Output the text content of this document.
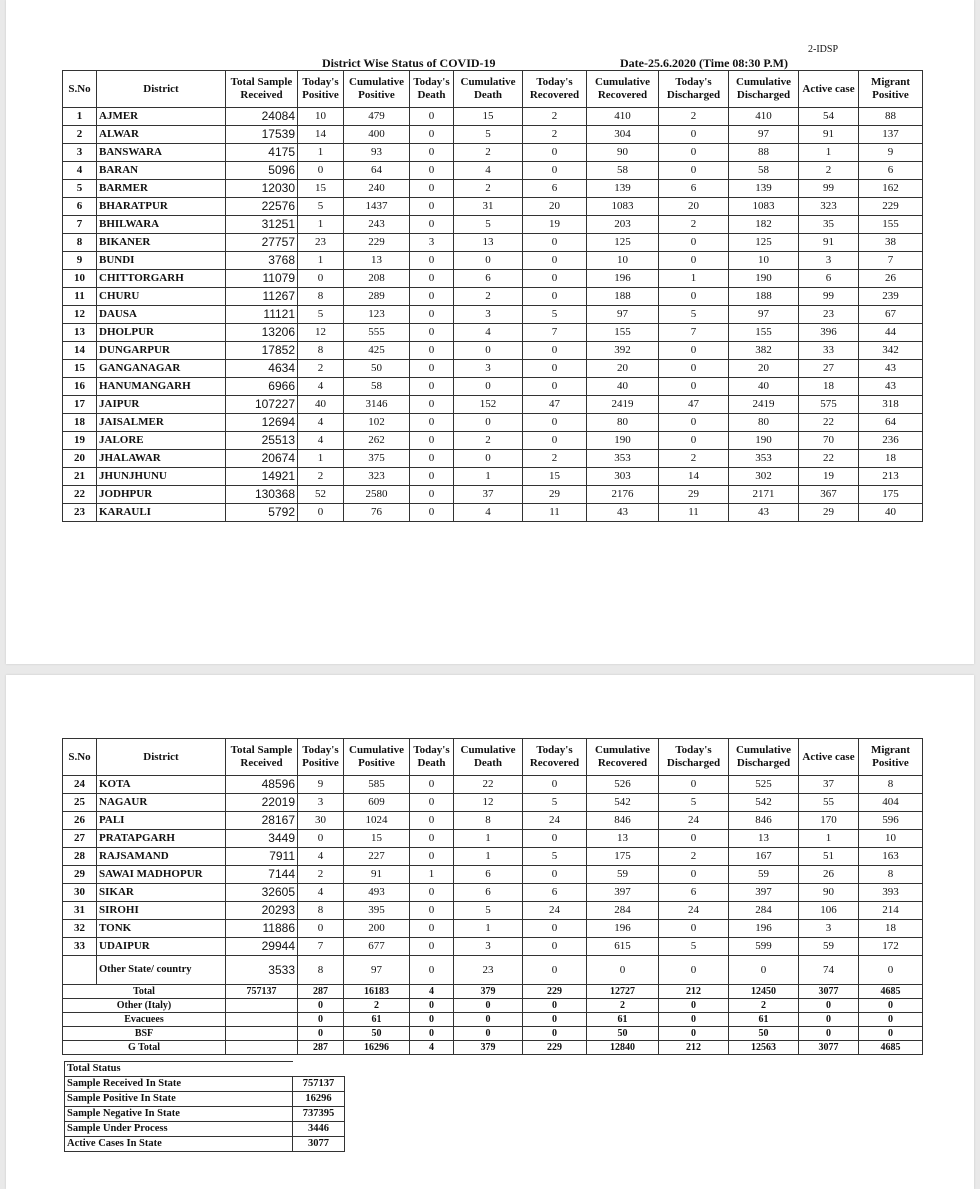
2-IDSP
District Wise Status of COVID-19	Date-25.6.2020 (Time 08:30 P.M)
S.No	District	Total Sample Received	Today's Positive	Cumulative Positive	Today's Death	Cumulative Death	Today's Recovered	Cumulative Recovered	Today's Discharged	Cumulative Discharged	Active case	Migrant Positive
1	AJMER	24084	10	479	0	15	2	410	2	410	54	88
2	ALWAR	17539	14	400	0	5	2	304	0	97	91	137
3	BANSWARA	4175	1	93	0	2	0	90	0	88	1	9
4	BARAN	5096	0	64	0	4	0	58	0	58	2	6
5	BARMER	12030	15	240	0	2	6	139	6	139	99	162
6	BHARATPUR	22576	5	1437	0	31	20	1083	20	1083	323	229
7	BHILWARA	31251	1	243	0	5	19	203	2	182	35	155
8	BIKANER	27757	23	229	3	13	0	125	0	125	91	38
9	BUNDI	3768	1	13	0	0	0	10	0	10	3	7
10	CHITTORGARH	11079	0	208	0	6	0	196	1	190	6	26
11	CHURU	11267	8	289	0	2	0	188	0	188	99	239
12	DAUSA	11121	5	123	0	3	5	97	5	97	23	67
13	DHOLPUR	13206	12	555	0	4	7	155	7	155	396	44
14	DUNGARPUR	17852	8	425	0	0	0	392	0	382	33	342
15	GANGANAGAR	4634	2	50	0	3	0	20	0	20	27	43
16	HANUMANGARH	6966	4	58	0	0	0	40	0	40	18	43
17	JAIPUR	107227	40	3146	0	152	47	2419	47	2419	575	318
18	JAISALMER	12694	4	102	0	0	0	80	0	80	22	64
19	JALORE	25513	4	262	0	2	0	190	0	190	70	236
20	JHALAWAR	20674	1	375	0	0	2	353	2	353	22	18
21	JHUNJHUNU	14921	2	323	0	1	15	303	14	302	19	213
22	JODHPUR	130368	52	2580	0	37	29	2176	29	2171	367	175
23	KARAULI	5792	0	76	0	4	11	43	11	43	29	40
S.No	District	Total Sample Received	Today's Positive	Cumulative Positive	Today's Death	Cumulative Death	Today's Recovered	Cumulative Recovered	Today's Discharged	Cumulative Discharged	Active case	Migrant Positive
24	KOTA	48596	9	585	0	22	0	526	0	525	37	8
25	NAGAUR	22019	3	609	0	12	5	542	5	542	55	404
26	PALI	28167	30	1024	0	8	24	846	24	846	170	596
27	PRATAPGARH	3449	0	15	0	1	0	13	0	13	1	10
28	RAJSAMAND	7911	4	227	0	1	5	175	2	167	51	163
29	SAWAI MADHOPUR	7144	2	91	1	6	0	59	0	59	26	8
30	SIKAR	32605	4	493	0	6	6	397	6	397	90	393
31	SIROHI	20293	8	395	0	5	24	284	24	284	106	214
32	TONK	11886	0	200	0	1	0	196	0	196	3	18
33	UDAIPUR	29944	7	677	0	3	0	615	5	599	59	172
	Other State/ country	3533	8	97	0	23	0	0	0	0	74	0
Total		757137	287	16183	4	379	229	12727	212	12450	3077	4685
Other (Italy)			0	2	0	0	0	2	0	2	0	0
Evacuees			0	61	0	0	0	61	0	61	0	0
BSF			0	50	0	0	0	50	0	50	0	0
G Total			287	16296	4	379	229	12840	212	12563	3077	4685
Total Status	
Sample Received In State	757137
Sample Positive In State	16296
Sample Negative In State	737395
Sample Under Process	3446
Active Cases In State	3077
